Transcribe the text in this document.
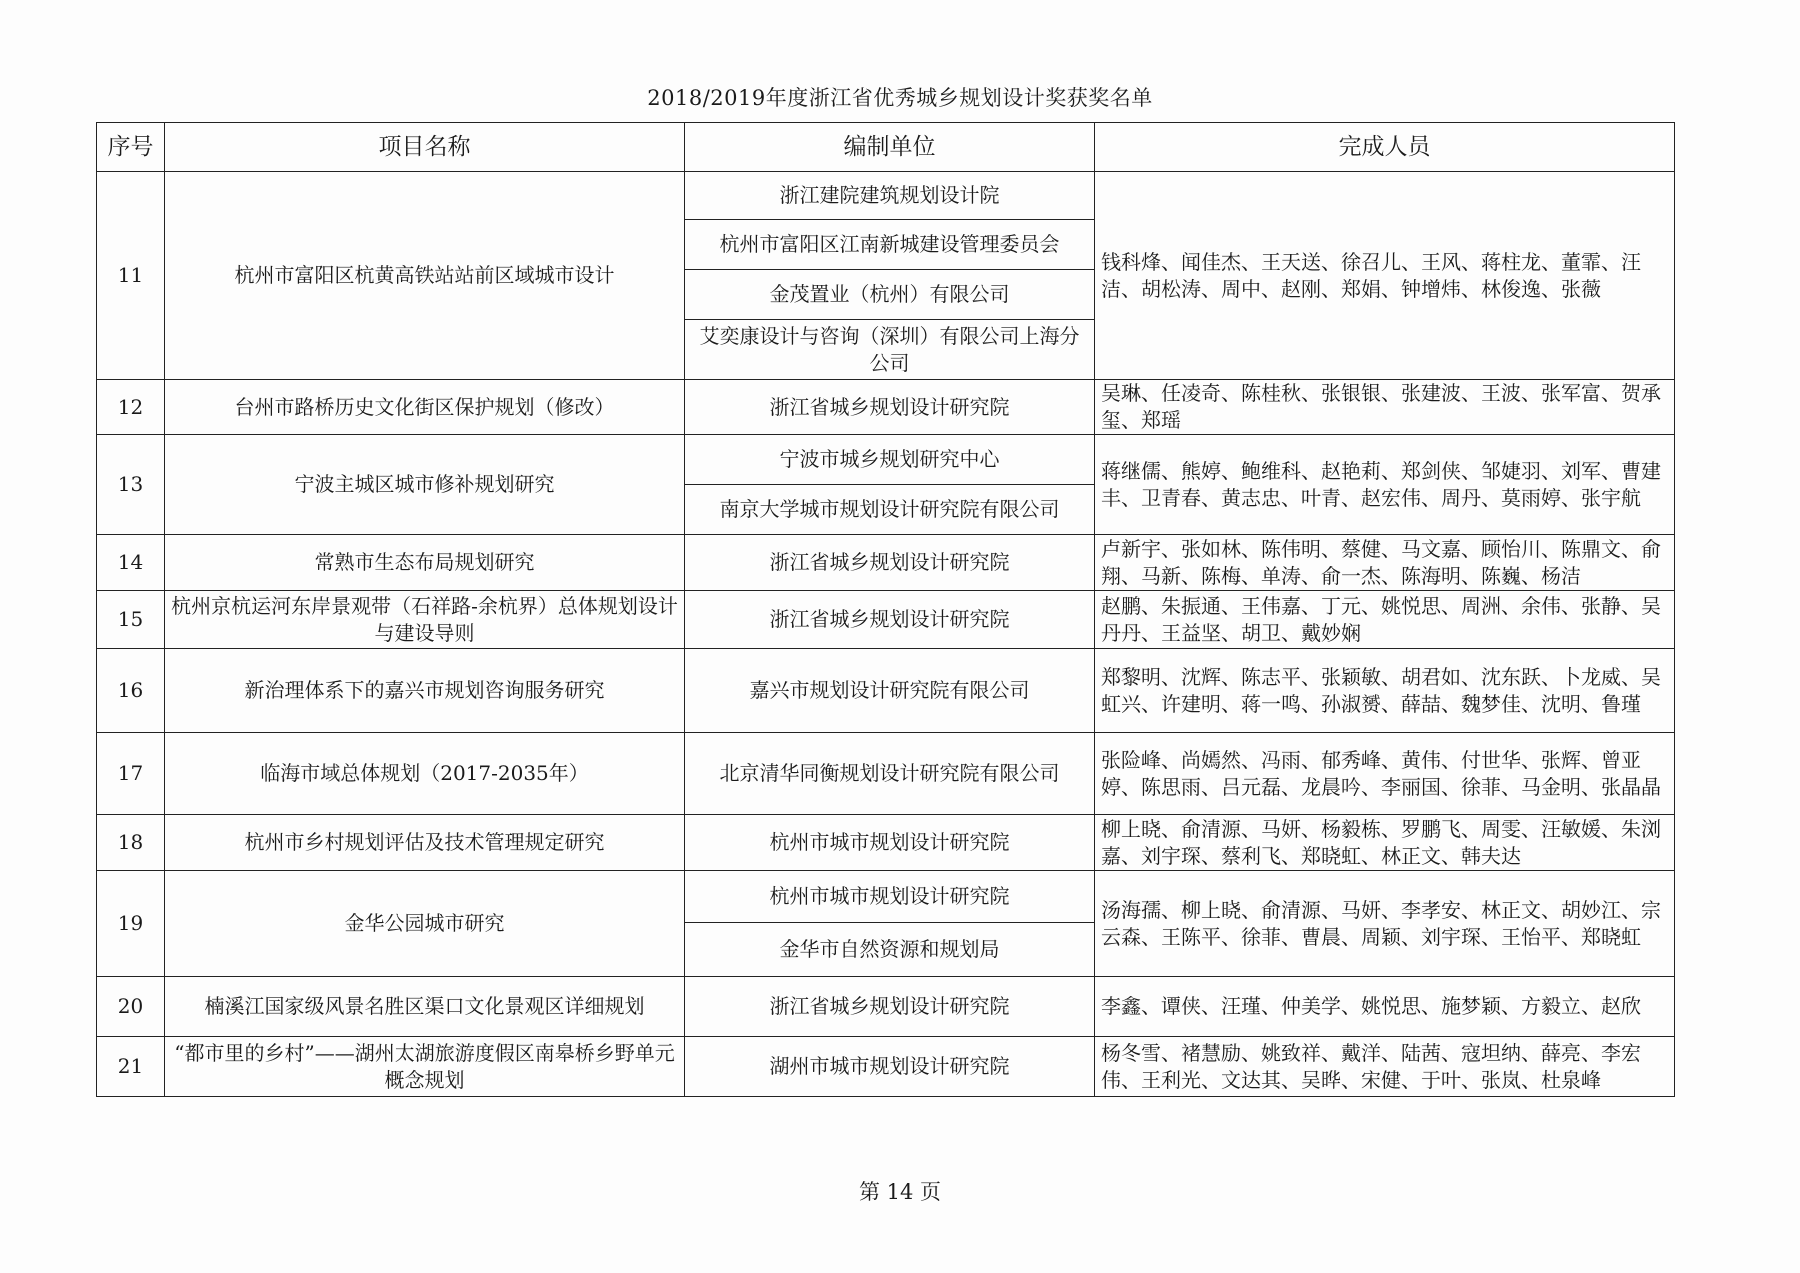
2018/2019年度浙江省优秀城乡规划设计奖获奖名单
序号	项目名称	编制单位	完成人员
11	杭州市富阳区杭黄高铁站站前区域城市设计	浙江建院建筑规划设计院	钱科烽、闻佳杰、王天送、徐召儿、王风、蒋柱龙、董霏、汪洁、胡松涛、周中、赵刚、郑娟、钟增炜、林俊逸、张薇
		杭州市富阳区江南新城建设管理委员会	
		金茂置业（杭州）有限公司	
		艾奕康设计与咨询（深圳）有限公司上海分公司	
12	台州市路桥历史文化街区保护规划（修改）	浙江省城乡规划设计研究院	吴琳、任凌奇、陈桂秋、张银银、张建波、王波、张军富、贺承玺、郑瑶
13	宁波主城区城市修补规划研究	宁波市城乡规划研究中心	蒋继儒、熊婷、鲍维科、赵艳莉、郑剑侠、邹婕羽、刘军、曹建丰、卫青春、黄志忠、叶青、赵宏伟、周丹、莫雨婷、张宇航
		南京大学城市规划设计研究院有限公司	
14	常熟市生态布局规划研究	浙江省城乡规划设计研究院	卢新宇、张如林、陈伟明、蔡健、马文嘉、顾怡川、陈鼎文、俞翔、马新、陈梅、单涛、俞一杰、陈海明、陈巍、杨洁
15	杭州京杭运河东岸景观带（石祥路-余杭界）总体规划设计与建设导则	浙江省城乡规划设计研究院	赵鹏、朱振通、王伟嘉、丁元、姚悦思、周洲、余伟、张静、吴丹丹、王益坚、胡卫、戴妙娴
16	新治理体系下的嘉兴市规划咨询服务研究	嘉兴市规划设计研究院有限公司	郑黎明、沈辉、陈志平、张颖敏、胡君如、沈东跃、卜龙威、吴虹兴、许建明、蒋一鸣、孙淑赟、薛喆、魏梦佳、沈明、鲁瑾
17	临海市域总体规划（2017-2035年）	北京清华同衡规划设计研究院有限公司	张险峰、尚嫣然、冯雨、郁秀峰、黄伟、付世华、张辉、曾亚婷、陈思雨、吕元磊、龙晨吟、李丽国、徐菲、马金明、张晶晶
18	杭州市乡村规划评估及技术管理规定研究	杭州市城市规划设计研究院	柳上晓、俞清源、马妍、杨毅栋、罗鹏飞、周雯、汪敏媛、朱浏嘉、刘宇琛、蔡利飞、郑晓虹、林正文、韩夫达
19	金华公园城市研究	杭州市城市规划设计研究院	汤海孺、柳上晓、俞清源、马妍、李孝安、林正文、胡妙江、宗云森、王陈平、徐菲、曹晨、周颖、刘宇琛、王怡平、郑晓虹
		金华市自然资源和规划局	
20	楠溪江国家级风景名胜区渠口文化景观区详细规划	浙江省城乡规划设计研究院	李鑫、谭侠、汪瑾、仲美学、姚悦思、施梦颖、方毅立、赵欣
21	“都市里的乡村”——湖州太湖旅游度假区南皋桥乡野单元概念规划	湖州市城市规划设计研究院	杨冬雪、褚慧励、姚致祥、戴洋、陆茜、寇坦纳、薛亮、李宏伟、王利光、文达其、吴晔、宋健、于叶、张岚、杜泉峰
第 14 页
